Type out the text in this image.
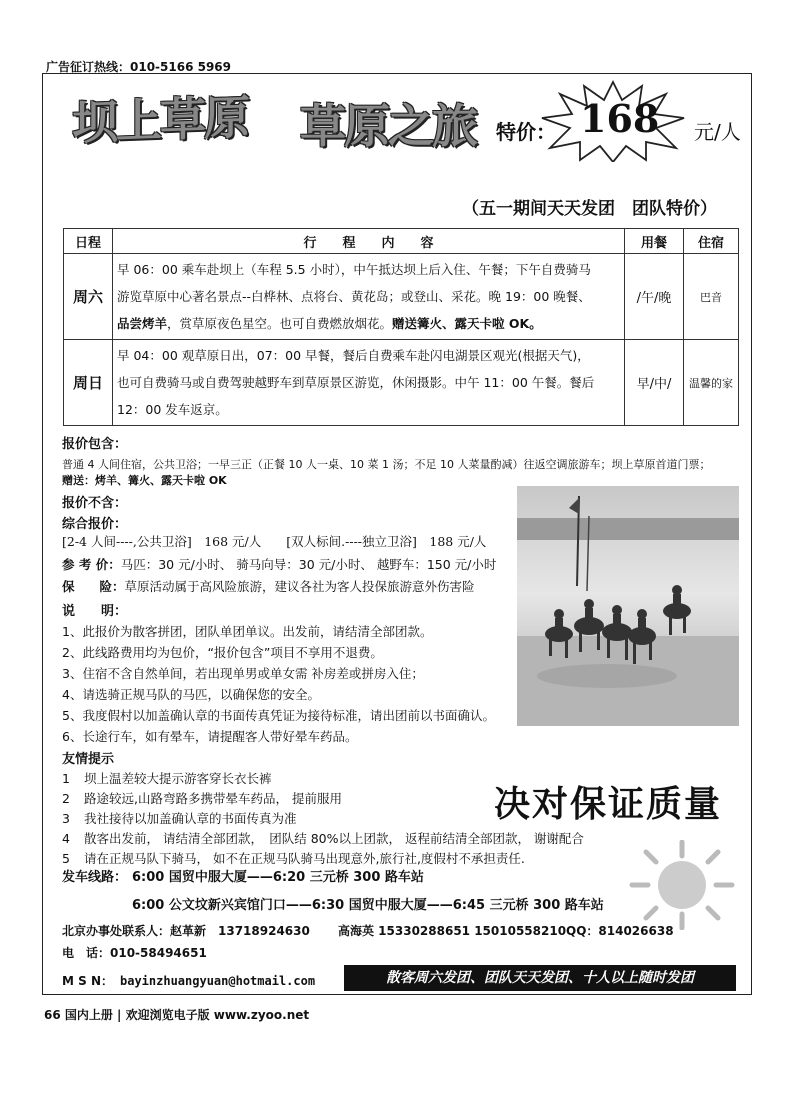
广告征订热线：010-5166 5969
坝上草原 草原之旅 特价： 168 元/人
（五一期间天天发团　团队特价）
日程	行　　程　　内　　容	用餐	住宿
周六	早 06：00 乘车赴坝上（车程 5.5 小时），中午抵达坝上后入住、午餐；下午自费骑马
游览草原中心著名景点--白桦林、点将台、黄花岛；或登山、采花。晚 19：00 晚餐、
品尝烤羊，赏草原夜色星空。也可自费燃放烟花。赠送篝火、露天卡啦 OK。	/午/晚	巴音
周日	早 04：00 观草原日出，07：00 早餐，餐后自费乘车赴闪电湖景区观光(根据天气)，
也可自费骑马或自费驾驶越野车到草原景区游览，休闲摄影。中午 11：00 午餐。餐后
12：00 发车返京。	早/中/	温馨的家
报价包含：
普通 4 人间住宿，公共卫浴；一早三正（正餐 10 人一桌、10 菜 1 汤；不足 10 人菜量酌减）往返空调旅游车；坝上草原首道门票；
赠送：烤羊、篝火、露天卡啦 OK
报价不含：
综合报价：
[2-4 人间----,公共卫浴]　168 元/人　　[双人标间.----独立卫浴]　188 元/人
参 考 价：马匹：30 元/小时、 骑马向导：30 元/小时、 越野车：150 元/小时
保　　险：草原活动属于高风险旅游，建议各社为客人投保旅游意外伤害险
说　　明：
1、此报价为散客拼团，团队单团单议。出发前，请结清全部团款。
2、此线路费用均为包价，“报价包含”项目不享用不退费。
3、住宿不含自然单间，若出现单男或单女需 补房差或拼房入住；
4、请选骑正规马队的马匹，以确保您的安全。
5、我度假村以加盖确认章的书面传真凭证为接待标准，请出团前以书面确认。
6、长途行车，如有晕车，请提醒客人带好晕车药品。
友情提示
1 坝上温差较大提示游客穿长衣长裤
2 路途较远,山路弯路多携带晕车药品， 提前服用
3 我社接待以加盖确认章的书面传真为准
4 散客出发前， 请结清全部团款，　团队结 80%以上团款， 返程前结清全部团款， 谢谢配合
5 请在正规马队下骑马， 如不在正规马队骑马出现意外,旅行社,度假村不承担责任.
决对保证质量
发车线路： 6:00 国贸中服大厦——6:20 三元桥 300 路车站
6:00 公文坟新兴宾馆门口——6:30 国贸中服大厦——6:45 三元桥 300 路车站
北京办事处联系人：赵革新　13718924630 高海英 15330288651 15010558210 QQ：814026638
电　话：010-58494651
M S N： bayinzhuangyuan@hotmail.com	散客周六发团、团队天天发团、十人以上随时发团
66 国内上册 | 欢迎浏览电子版 www.zyoo.net
